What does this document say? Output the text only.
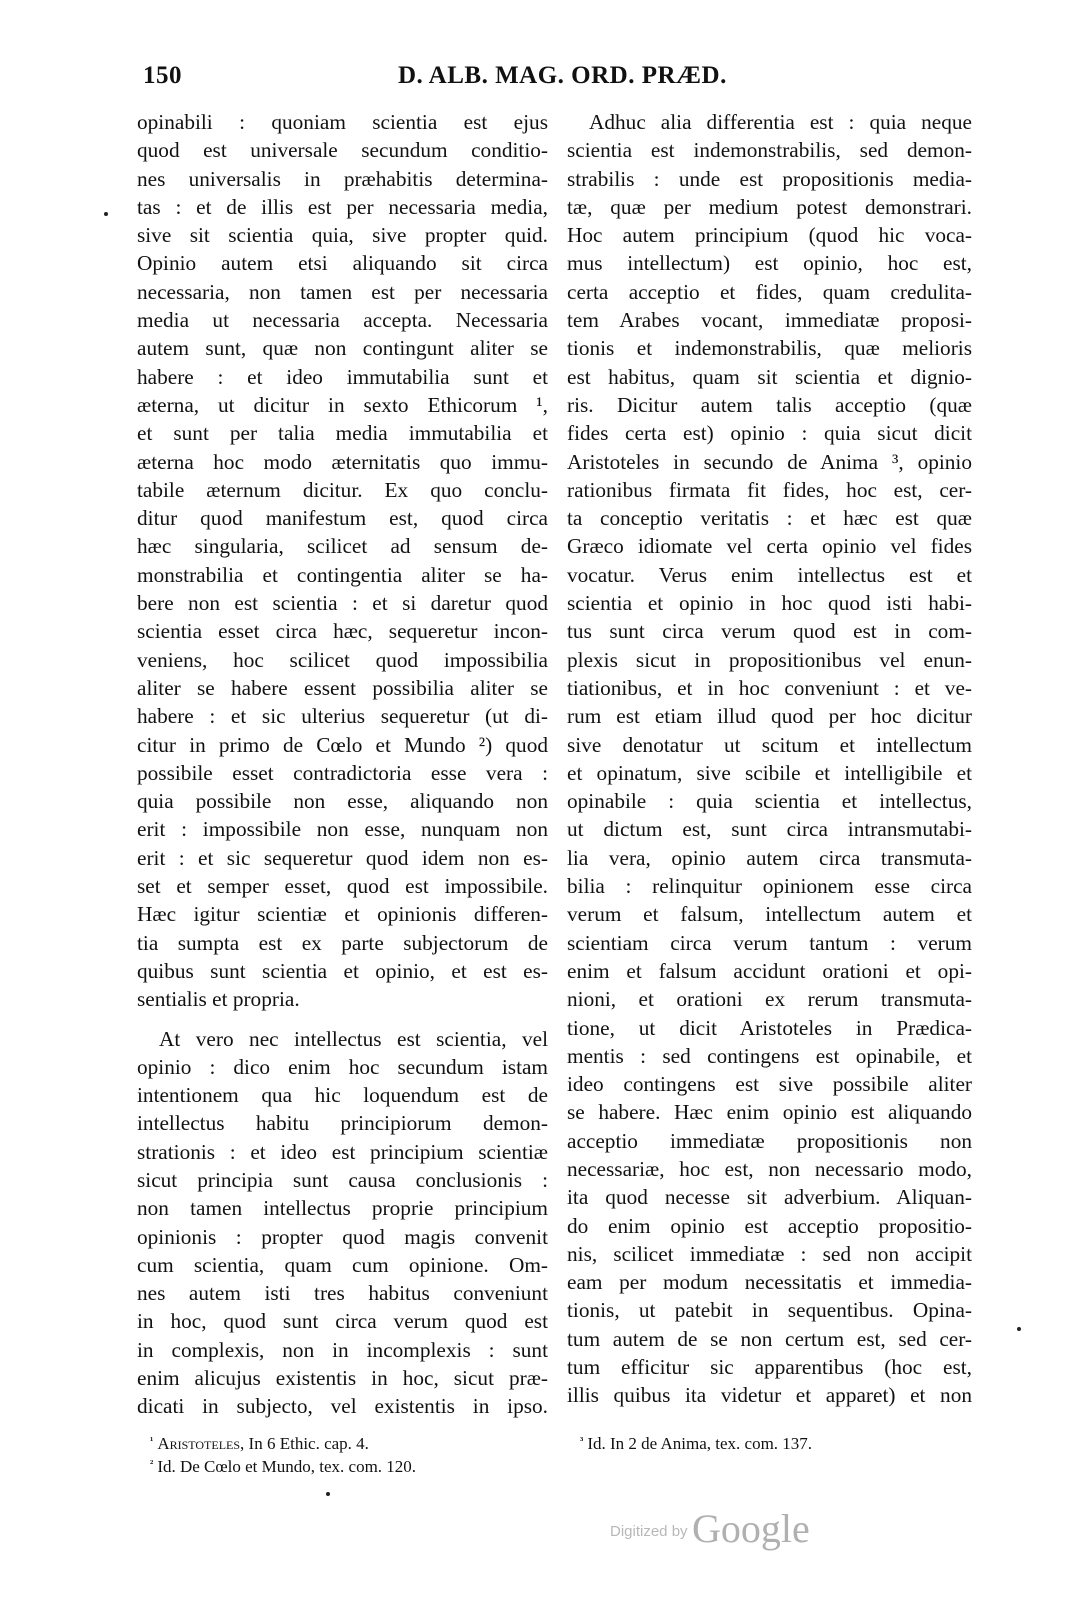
150	D. ALB. MAG. ORD. PRÆD.

opinabili : quoniam scientia est ejus
quod est universale secundum conditio-
nes universalis in præhabitis determina-
tas : et de illis est per necessaria media,
sive sit scientia quia, sive propter quid.
Opinio autem etsi aliquando sit circa
necessaria, non tamen est per necessaria
media ut necessaria accepta. Necessaria
autem sunt, quæ non contingunt aliter se
habere : et ideo immutabilia sunt et
æterna, ut dicitur in sexto Ethicorum ¹,
et sunt per talia media immutabilia et
æterna hoc modo æternitatis quo immu-
tabile æternum dicitur. Ex quo conclu-
ditur quod manifestum est, quod circa
hæc singularia, scilicet ad sensum de-
monstrabilia et contingentia aliter se ha-
bere non est scientia : et si daretur quod
scientia esset circa hæc, sequeretur incon-
veniens, hoc scilicet quod impossibilia
aliter se habere essent possibilia aliter se
habere : et sic ulterius sequeretur (ut di-
citur in primo de Cœlo et Mundo ²) quod
possibile esset contradictoria esse vera :
quia possibile non esse, aliquando non
erit : impossibile non esse, nunquam non
erit : et sic sequeretur quod idem non es-
set et semper esset, quod est impossibile.
Hæc igitur scientiæ et opinionis differen-
tia sumpta est ex parte subjectorum de
quibus sunt scientia et opinio, et est es-
sentialis et propria.

At vero nec intellectus est scientia, vel
opinio : dico enim hoc secundum istam
intentionem qua hic loquendum est de
intellectus habitu principiorum demon-
strationis : et ideo est principium scientiæ
sicut principia sunt causa conclusionis :
non tamen intellectus proprie principium
opinionis : propter quod magis convenit
cum scientia, quam cum opinione. Om-
nes autem isti tres habitus conveniunt
in hoc, quod sunt circa verum quod est
in complexis, non in incomplexis : sunt
enim alicujus existentis in hoc, sicut præ-
dicati in subjecto, vel existentis in ipso.

Adhuc alia differentia est : quia neque
scientia est indemonstrabilis, sed demon-
strabilis : unde est propositionis media-
tæ, quæ per medium potest demonstrari.
Hoc autem principium (quod hic voca-
mus intellectum) est opinio, hoc est,
certa acceptio et fides, quam credulita-
tem Arabes vocant, immediatæ proposi-
tionis et indemonstrabilis, quæ melioris
est habitus, quam sit scientia et dignio-
ris. Dicitur autem talis acceptio (quæ
fides certa est) opinio : quia sicut dicit
Aristoteles in secundo de Anima ³, opinio
rationibus firmata fit fides, hoc est, cer-
ta conceptio veritatis : et hæc est quæ
Græco idiomate vel certa opinio vel fides
vocatur. Verus enim intellectus est et
scientia et opinio in hoc quod isti habi-
tus sunt circa verum quod est in com-
plexis sicut in propositionibus vel enun-
tiationibus, et in hoc conveniunt : et ve-
rum est etiam illud quod per hoc dicitur
sive denotatur ut scitum et intellectum
et opinatum, sive scibile et intelligibile et
opinabile : quia scientia et intellectus,
ut dictum est, sunt circa intransmutabi-
lia vera, opinio autem circa transmuta-
bilia : relinquitur opinionem esse circa
verum et falsum, intellectum autem et
scientiam circa verum tantum : verum
enim et falsum accidunt orationi et opi-
nioni, et orationi ex rerum transmuta-
tione, ut dicit Aristoteles in Prædica-
mentis : sed contingens est opinabile, et
ideo contingens est sive possibile aliter
se habere. Hæc enim opinio est aliquando
acceptio immediatæ propositionis non
necessariæ, hoc est, non necessario modo,
ita quod necesse sit adverbium. Aliquan-
do enim opinio est acceptio propositio-
nis, scilicet immediatæ : sed non accipit
eam per modum necessitatis et immedia-
tionis, ut patebit in sequentibus. Opina-
tum autem de se non certum est, sed cer-
tum efficitur sic apparentibus (hoc est,
illis quibus ita videtur et apparet) et non

$^{^1}$ Aristoteles, In 6 Ethic. cap. 4.
$^{^2}$ Id. De Cœlo et Mundo, tex. com. 120.
$^{^3}$ Id. In 2 de Anima, tex. com. 137.
Digitized by Google
